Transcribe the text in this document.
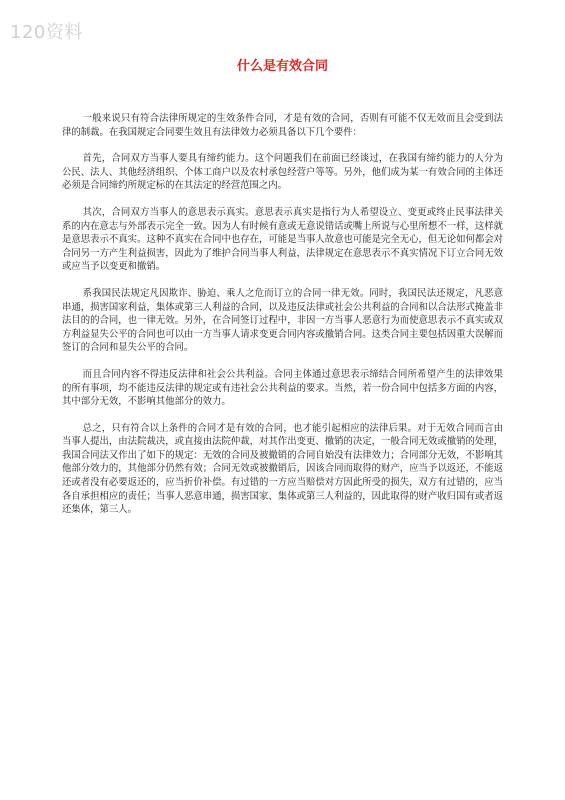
120资料
什么是有效合同

一般来说只有符合法律所规定的生效条件合同，才是有效的合同，否则有可能不仅无效而且会受到法律的制裁。在我国规定合同要生效且有法律效力必须具备以下几个要件：

首先，合同双方当事人要具有缔约能力。这个问题我们在前面已经谈过，在我国有缔约能力的人分为公民、法人、其他经济组织、个体工商户以及农村承包经营户等等。另外，他们成为某一有效合同的主体还必须是合同缔约所规定标的在其法定的经营范围之内。

其次，合同双方当事人的意思表示真实。意思表示真实是指行为人希望设立、变更或终止民事法律关系的内在意志与外部表示完全一致。因为人有时候有意或无意说错话或嘴上所说与心里所想不一样，这样就是意思表示不真实。这种不真实在合同中也存在，可能是当事人故意也可能是完全无心，但无论如何都会对合同另一方产生利益损害，因此为了维护合同当事人利益，法律规定在意思表示不真实情况下订立合同无效或应当予以变更和撤销。

系我国民法规定凡因欺诈、胁迫、乘人之危而订立的合同一律无效。同时，我国民法还规定，凡恶意串通，损害国家利益，集体或第三人利益的合同，以及违反法律或社会公共利益的合同和以合法形式掩盖非法目的的合同，也一律无效。另外，在合同签订过程中，非因一方当事人恶意行为而使意思表示不真实或双方利益显失公平的合同也可以由一方当事人请求变更合同内容或撤销合同。这类合同主要包括因重大误解而签订的合同和显失公平的合同。

而且合同内容不得违反法律和社会公共利益。合同主体通过意思表示缔结合同所希望产生的法律效果的所有事项，均不能违反法律的规定或有违社会公共利益的要求。当然，若一份合同中包括多方面的内容，其中部分无效，不影响其他部分的效力。

总之，只有符合以上条件的合同才是有效的合同，也才能引起相应的法律后果。对于无效合同而言由当事人提出，由法院裁决，或直接由法院仲裁，对其作出变更、撤销的决定，一般合同无效或撤销的处理，我国合同法又作出了如下的规定：无效的合同及被撤销的合同自始没有法律效力；合同部分无效，不影响其他部分效力的，其他部分仍然有效；合同无效或被撤销后，因该合同而取得的财产，应当予以返还，不能返还或者没有必要返还的，应当折价补偿。有过错的一方应当赔偿对方因此所受的损失，双方有过错的，应当各自承担相应的责任；当事人恶意串通，损害国家、集体或第三人利益的，因此取得的财产收归国有或者返还集体，第三人。
